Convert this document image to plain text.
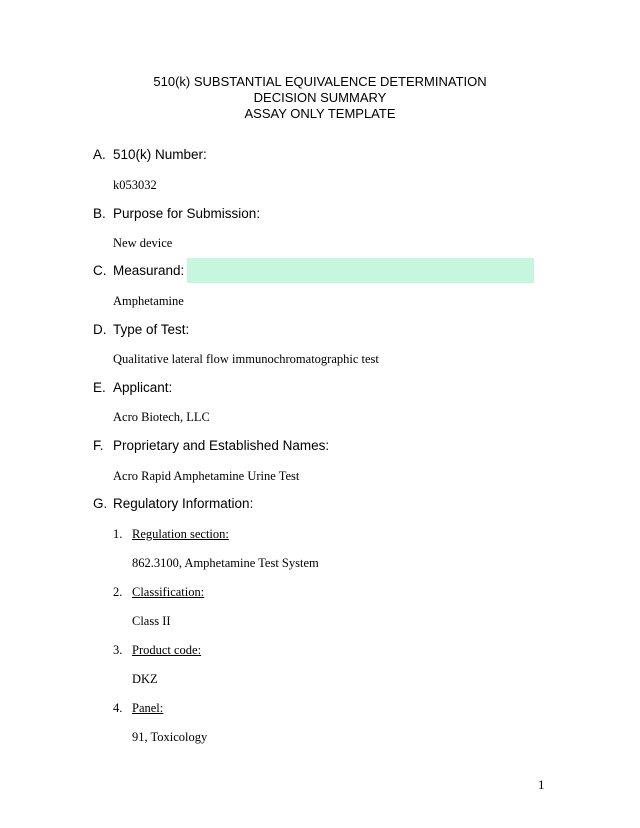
510(k) SUBSTANTIAL EQUIVALENCE DETERMINATION
DECISION SUMMARY
ASSAY ONLY TEMPLATE
A. 510(k) Number:
k053032
B. Purpose for Submission:
New device
C. Measurand:
Amphetamine
D. Type of Test:
Qualitative lateral flow immunochromatographic test
E. Applicant:
Acro Biotech, LLC
F. Proprietary and Established Names:
Acro Rapid Amphetamine Urine Test
G. Regulatory Information:
1. Regulation section:
862.3100, Amphetamine Test System
2. Classification:
Class II
3. Product code:
DKZ
4. Panel:
91, Toxicology
1
